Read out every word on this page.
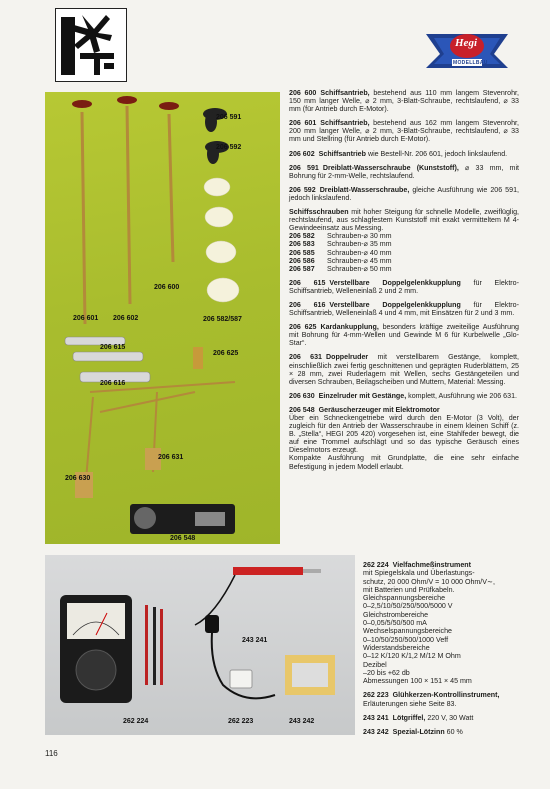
Hegi
MODELLBAU
206 591
206 592
206 600
206 601 206 602	206 582/587
206 615
206 616
206 625
206 631
206 630
206 548

206 600 Schiffsantrieb, bestehend aus 110 mm langem Stevenrohr, 150 mm langer Welle, ⌀ 2 mm, 3-Blatt-Schraube, rechtslaufend, ⌀ 33 mm (für Antrieb durch E-Motor).

206 601 Schiffsantrieb, bestehend aus 162 mm langem Stevenrohr, 200 mm langer Welle, ⌀ 2 mm, 3-Blatt-Schraube, rechtslaufend, ⌀ 33 mm und Stellring (für Antrieb durch E-Motor).

206 602 Schiffsantrieb wie Bestell-Nr. 206 601, jedoch linkslaufend.

206 591 Dreiblatt-Wasserschraube (Kunststoff), ⌀ 33 mm, mit Bohrung für 2-mm-Welle, rechtslaufend.

206 592 Dreiblatt-Wasserschraube, gleiche Ausführung wie 206 591, jedoch linkslaufend.

Schiffsschrauben mit hoher Steigung für schnelle Modelle, zweiflüglig, rechtslaufend, aus schlagfestem Kunststoff mit exakt vermitteltem M 4-Gewindeeinsatz aus Messing.

206 582	Schrauben-⌀ 30 mm
206 583	Schrauben-⌀ 35 mm
206 585	Schrauben-⌀ 40 mm
206 586	Schrauben-⌀ 45 mm
206 587	Schrauben-⌀ 50 mm

206 615 Verstellbare Doppelgelenkkupplung für Elektro-Schiffsantrieb, Welleneinlaß 2 und 2 mm.

206 616 Verstellbare Doppelgelenkkupplung für Elektro-Schiffsantrieb, Welleneinlaß 4 und 4 mm, mit Einsätzen für 2 und 3 mm.

206 625 Kardankupplung, besonders kräftige zweiteilige Ausführung mit Bohrung für 4-mm-Wellen und Gewinde M 6 für Kurbelwelle „Glo-Star“.

206 631 Doppelruder mit verstellbarem Gestänge, komplett, einschließlich zwei fertig geschnittenen und geprägten Ruderblättern, 25 × 28 mm, zwei Ruderlagern mit Wellen, sechs Gestängeteilen und diversen Schrauben, Beilagscheiben und Muttern, Material: Messing.

206 630 Einzelruder mit Gestänge, komplett, Ausführung wie 206 631.

206 548 Geräuscherzeuger mit Elektromotor

Über ein Schneckengetriebe wird durch den E-Motor (3 Volt), der zugleich für den Antrieb der Wasserschraube in einem kleinen Schiff (z. B. „Stella“, HEGI 205 420) vorgesehen ist, eine Stahlfeder bewegt, die auf eine Trommel aufschlägt und so das typische Geräusch eines Dieselmotors erzeugt.

Kompakte Ausführung mit Grundplatte, die eine sehr einfache Befestigung in jedem Modell erlaubt.

262 224	262 223	243 242
243 241

262 224 Vielfachmeßinstrument

mit Spiegelskala und Überlastungs-

schutz, 20 000 Ohm/V = 10 000 Ohm/V∼,

mit Batterien und Prüfkabeln.

Gleichspannungsbereiche

0–2,5/10/50/250/500/5000 V

Gleichstrombereiche

0–0,05/5/50/500 mA

Wechselspannungsbereiche

0–10/50/250/500/1000 Veff

Widerstandsbereiche

0–12 K/120 K/1,2 M/12 M Ohm

Dezibel

–20 bis +62 db

Abmessungen 100 × 151 × 45 mm

262 223 Glühkerzen-Kontrollinstrument,

Erläuterungen siehe Seite 83.

243 241 Lötgriffel, 220 V, 30 Watt

243 242 Spezial-Lötzinn 60 %

116
